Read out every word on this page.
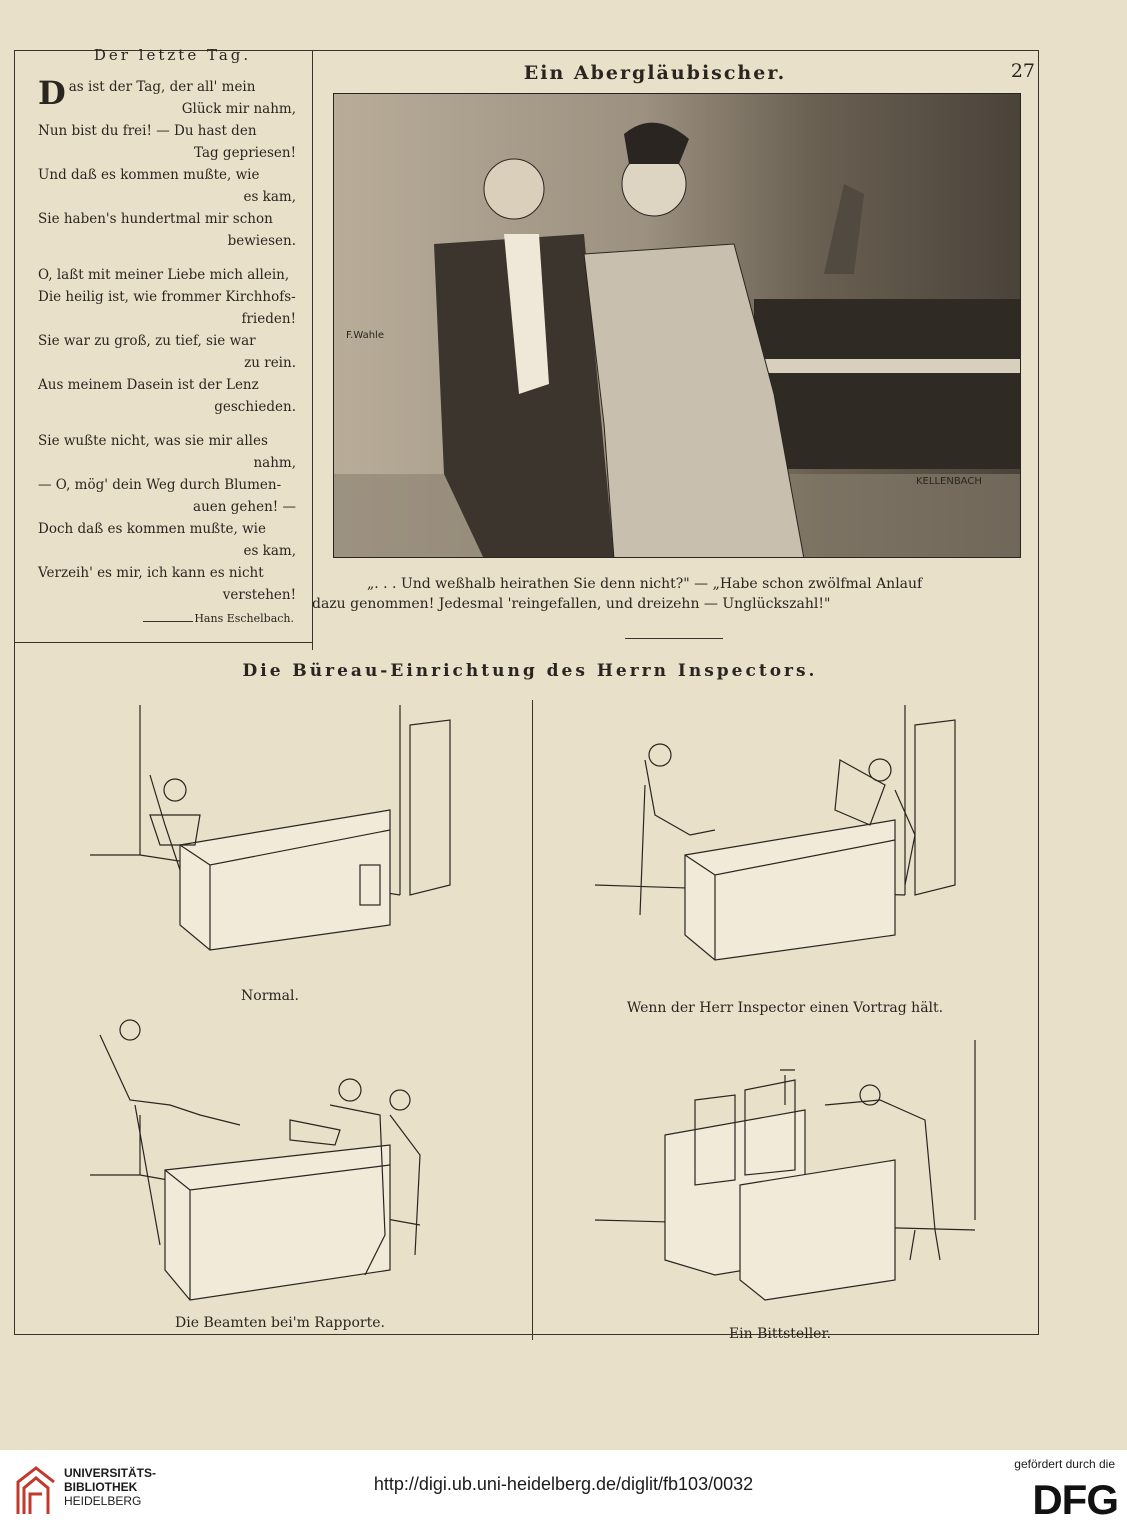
Der letzte Tag.
D as ist der Tag, der all' mein
Glück mir nahm,
Nun bist du frei! — Du hast den
Tag gepriesen!
Und daß es kommen mußte, wie
es kam,
Sie haben's hundertmal mir schon
bewiesen.
O, laßt mit meiner Liebe mich allein,
Die heilig ist, wie frommer Kirchhofs-
frieden!
Sie war zu groß, zu tief, sie war
zu rein.
Aus meinem Dasein ist der Lenz
geschieden.
Sie wußte nicht, was sie mir alles
nahm,
— O, mög' dein Weg durch Blumen-
auen gehen! —
Doch daß es kommen mußte, wie
es kam,
Verzeih' es mir, ich kann es nicht
verstehen!
Hans Eschelbach.
Ein Abergläubischer.	27
F.Wahle
KELLENBACH
„. . . Und weßhalb heirathen Sie denn nicht?" — „Habe schon zwölfmal Anlauf
dazu genommen! Jedesmal 'reingefallen, und dreizehn — Unglückszahl!"
Die Büreau-Einrichtung des Herrn Inspectors.
Normal.
Wenn der Herr Inspector einen Vortrag hält.
Die Beamten bei'm Rapporte.
Ein Bittsteller.
UNIVERSITÄTS-
BIBLIOTHEK
HEIDELBERG
gefördert durch die
DFG
http://digi.ub.uni-heidelberg.de/diglit/fb103/0032
